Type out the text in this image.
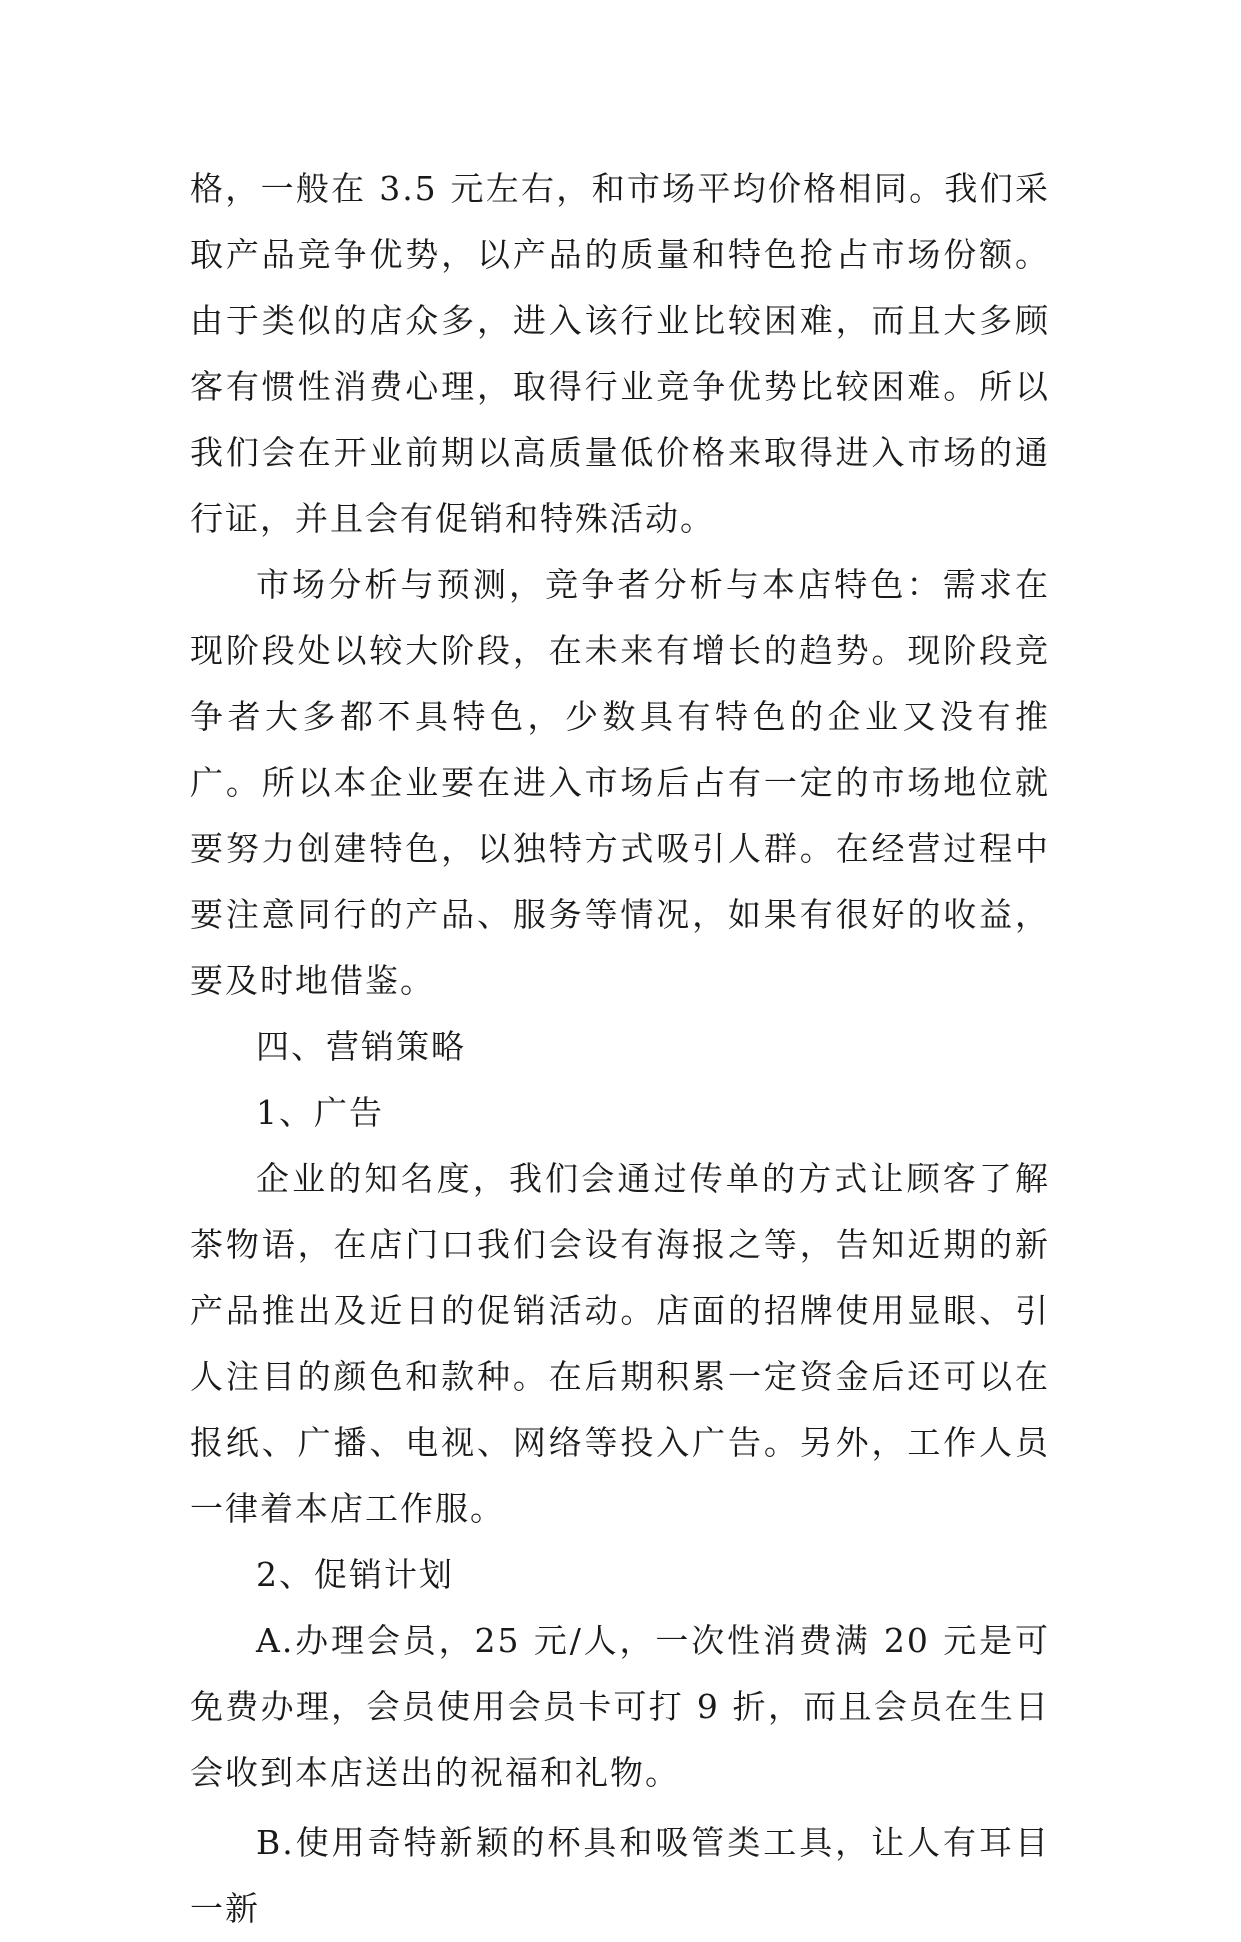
格，一般在 3.5 元左右，和市场平均价格相同。我们采取产品竞争优势，以产品的质量和特色抢占市场份额。由于类似的店众多，进入该行业比较困难，而且大多顾客有惯性消费心理，取得行业竞争优势比较困难。所以我们会在开业前期以高质量低价格来取得进入市场的通行证，并且会有促销和特殊活动。

市场分析与预测，竞争者分析与本店特色：需求在现阶段处以较大阶段，在未来有增长的趋势。现阶段竞争者大多都不具特色，少数具有特色的企业又没有推广。所以本企业要在进入市场后占有一定的市场地位就要努力创建特色，以独特方式吸引人群。在经营过程中要注意同行的产品、服务等情况，如果有很好的收益，要及时地借鉴。

四、营销策略

1、广告

企业的知名度，我们会通过传单的方式让顾客了解茶物语，在店门口我们会设有海报之等，告知近期的新产品推出及近日的促销活动。店面的招牌使用显眼、引人注目的颜色和款种。在后期积累一定资金后还可以在报纸、广播、电视、网络等投入广告。另外，工作人员一律着本店工作服。

2、促销计划

A.办理会员，25 元/人，一次性消费满 20 元是可免费办理，会员使用会员卡可打 9 折，而且会员在生日会收到本店送出的祝福和礼物。

B.使用奇特新颖的杯具和吸管类工具，让人有耳目一新
